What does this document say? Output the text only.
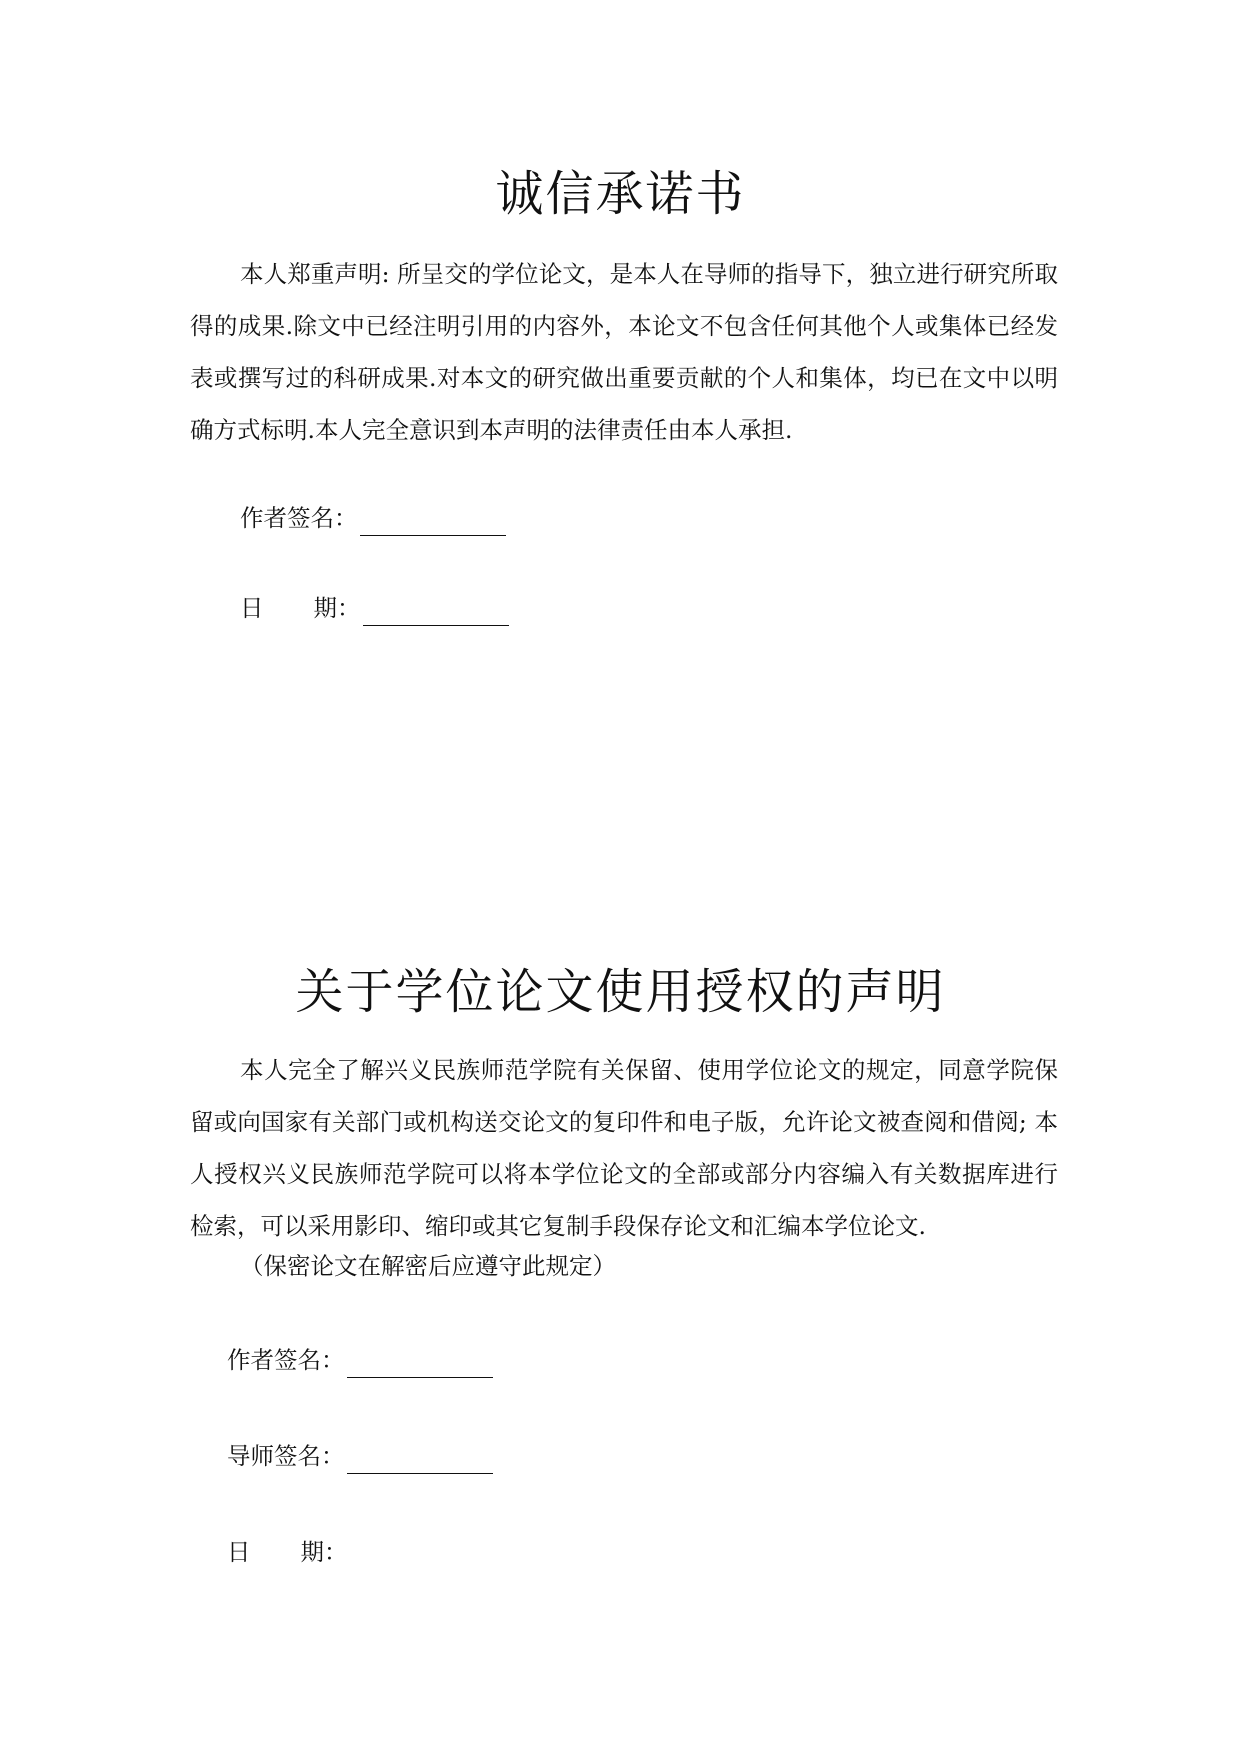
诚信承诺书

本人郑重声明: 所呈交的学位论文，是本人在导师的指导下，独立进行研究所取得的成果.除文中已经注明引用的内容外，本论文不包含任何其他个人或集体已经发表或撰写过的科研成果.对本文的研究做出重要贡献的个人和集体，均已在文中以明确方式标明.本人完全意识到本声明的法律责任由本人承担.

作者签名：
日 期：
关于学位论文使用授权的声明

本人完全了解兴义民族师范学院有关保留、使用学位论文的规定，同意学院保留或向国家有关部门或机构送交论文的复印件和电子版，允许论文被查阅和借阅; 本人授权兴义民族师范学院可以将本学位论文的全部或部分内容编入有关数据库进行检索，可以采用影印、缩印或其它复制手段保存论文和汇编本学位论文.

（保密论文在解密后应遵守此规定）

作者签名：
导师签名：
日 期：
